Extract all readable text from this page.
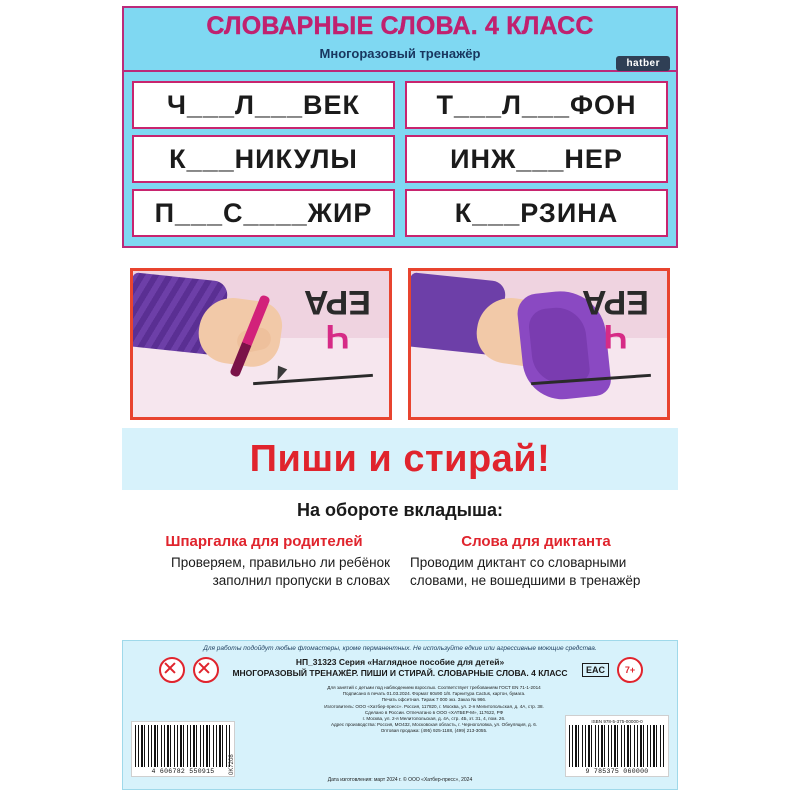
СЛОВАРНЫЕ СЛОВА. 4 КЛАСС
Многоразовый тренажёр
hatber
Ч___Л___ВЕК	Т___Л___ФОН
К___НИКУЛЫ	ИНЖ___НЕР
П___С____ЖИР	К___РЗИНА
Ч
ЕРА
Ч
ЕРА
Пиши и стирай!
На обороте вкладыша:
Шпаргалка для родителей
Проверяем, правильно ли ребёнок заполнил пропуски в словах
Слова для диктанта
Проводим диктант со словарными словами, не вошедшими в тренажёр
Для работы подойдут любые фломастеры, кроме перманентных. Не используйте едкие или агрессивные моющие средства.
EAC	7+
НП_31323 Серия «Наглядное пособие для детей»
МНОГОРАЗОВЫЙ ТРЕНАЖЁР. ПИШИ И СТИРАЙ. СЛОВАРНЫЕ СЛОВА. 4 КЛАСС
Для занятий с детьми под наблюдением взрослых. Соответствует требованиям ГОСТ EN 71-1-2014
Подписано в печать 01.03.2024. Формат 60х90 1/8. Гарнитура Cactus, картон, бумага.
Печать офсетная. Тираж 7 000 экз. Заказ № 966.
Изготовитель: ООО «Хатбер-пресс». Россия, 117820, г. Москва, ул. 2-я Мелитопольская, д. 4А, стр. 38.
Сделано в России. Отпечатано в ООО «ХАТБЕР-М», 117622, РФ
г. Москва, ул. 2-я Мелитопольская, д. 4А, стр. 4Б, эт. 31, 4, пом. 26.
Адрес производства: Россия, МО432, Московская область, г. Черноголовка, ул. Обнуляция, д. 6.
Оптовая продажа: (495) 925-1188, (499) 213-3055.
Дата изготовления: март 2024 г. © ООО «Хатбер-пресс», 2024
4 606782 550915
ISBN 978-5-375-00000-0
9 785375 060000
0K7208
